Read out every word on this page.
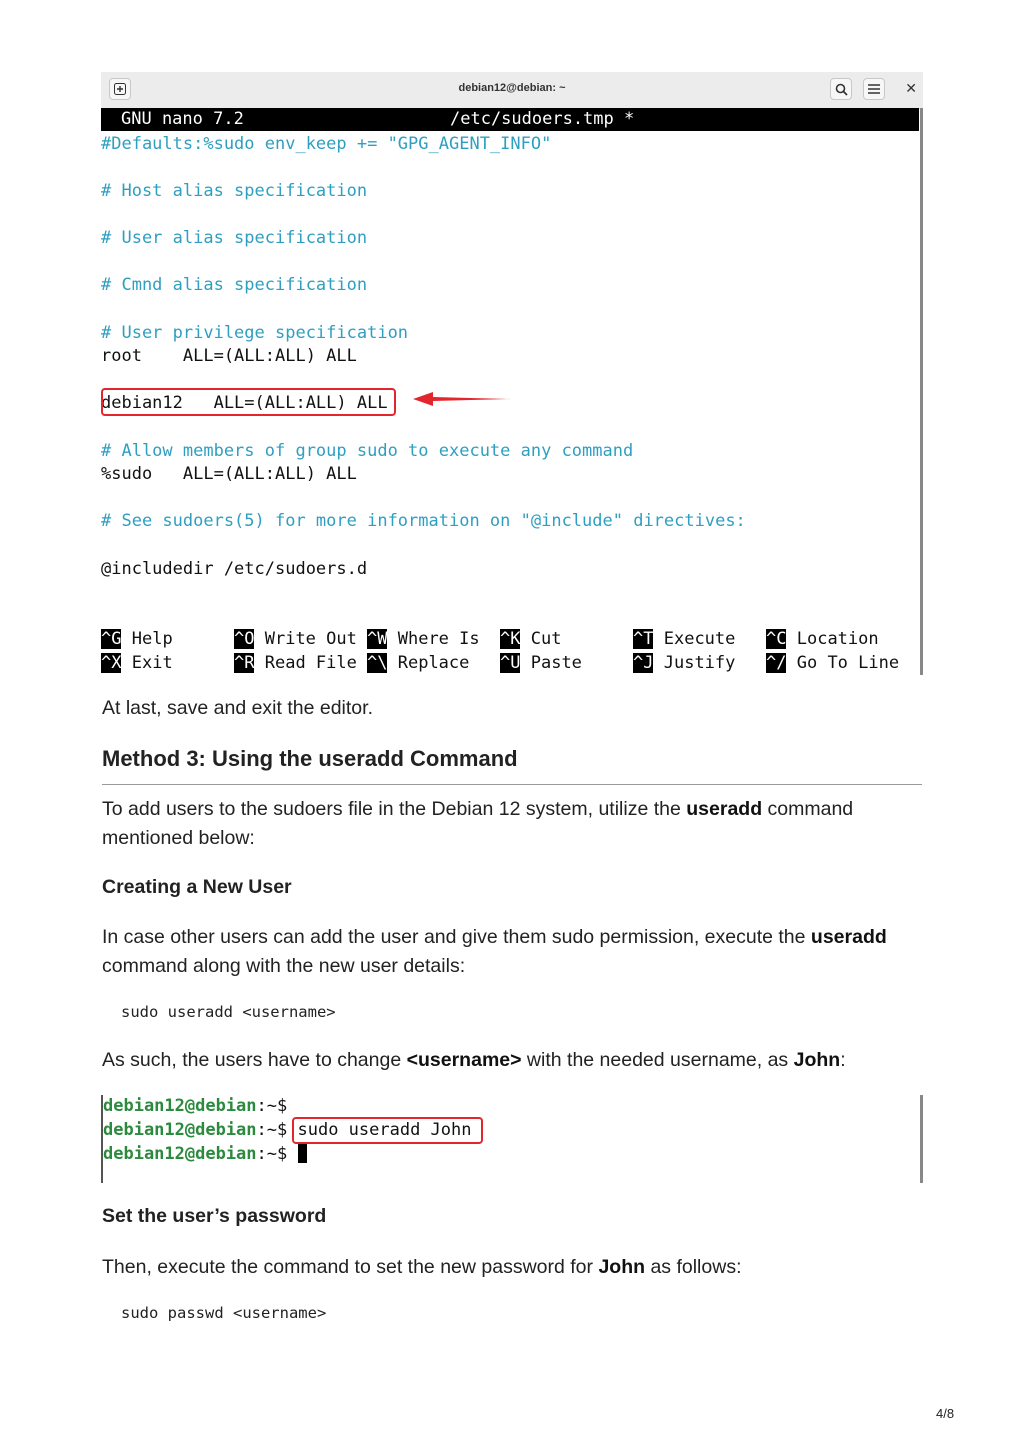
debian12@debian: ~	✕
GNU nano 7.2	/etc/sudoers.tmp *
#Defaults:%sudo env_keep += "GPG_AGENT_INFO"
# Host alias specification
# User alias specification
# Cmnd alias specification
# User privilege specification
root    ALL=(ALL:ALL) ALL
debian12   ALL=(ALL:ALL) ALL
# Allow members of group sudo to execute any command
%sudo   ALL=(ALL:ALL) ALL
# See sudoers(5) for more information on "@include" directives:
@includedir /etc/sudoers.d
^G Help
^X Exit
^O Write Out
^R Read File
^W Where Is
^\ Replace
^K Cut
^U Paste
^T Execute
^J Justify
^C Location
^/ Go To Line
At last, save and exit the editor.
Method 3: Using the useradd Command
To add users to the sudoers file in the Debian 12 system, utilize the useradd command mentioned below:
Creating a New User
In case other users can add the user and give them sudo permission, execute the useradd command along with the new user details:
sudo useradd <username>
As such, the users have to change <username> with the needed username, as John:
debian12@debian:~$
debian12@debian:~$ sudo useradd John
debian12@debian:~$
Set the user’s password
Then, execute the command to set the new password for John as follows:
sudo passwd <username>
4/8
